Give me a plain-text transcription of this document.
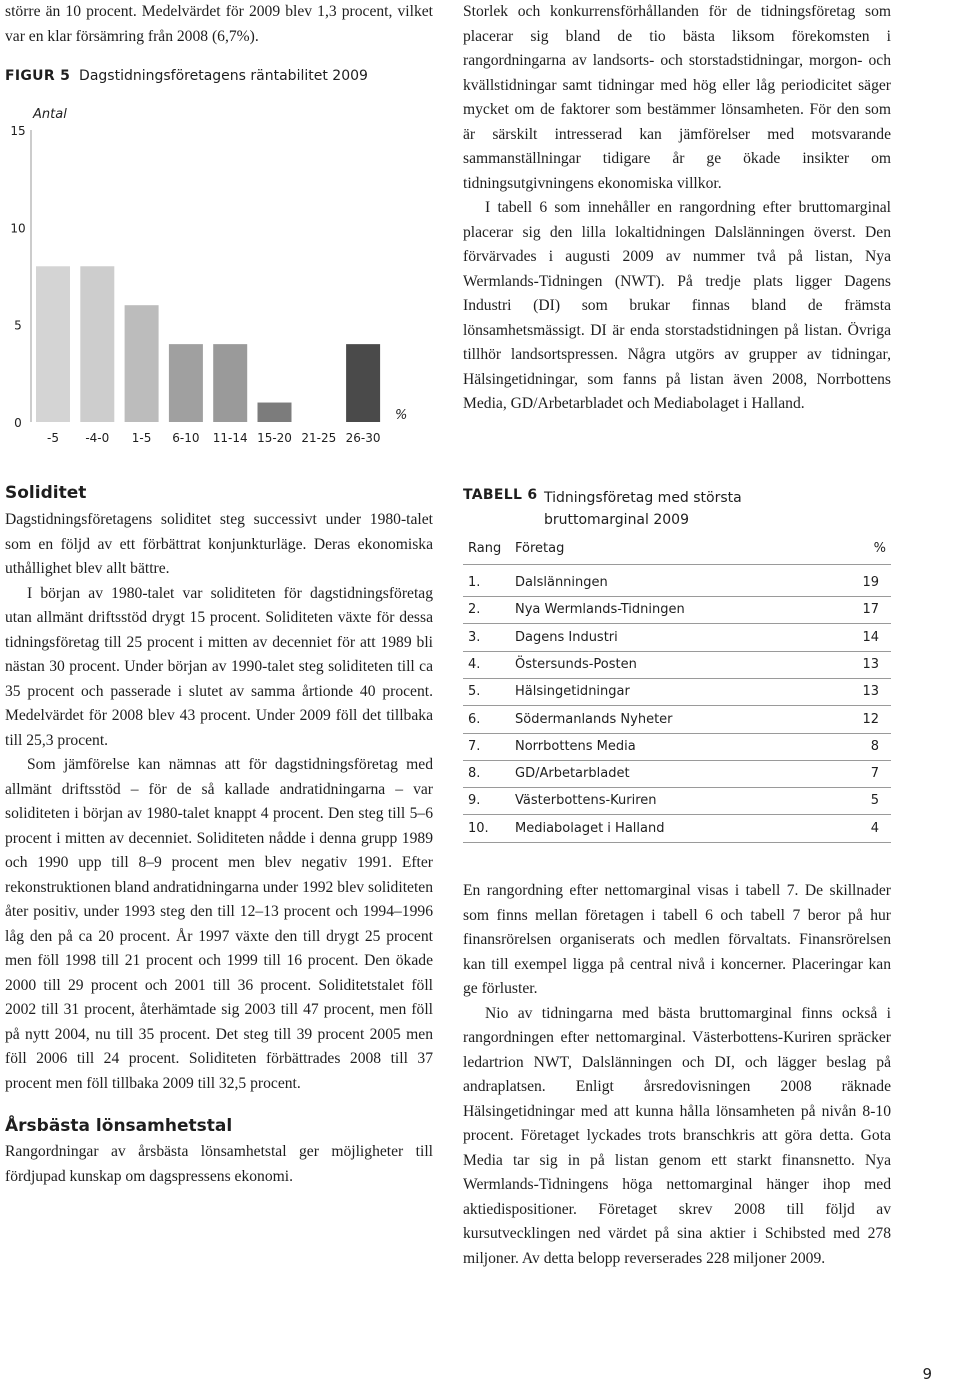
större än 10 procent. Medelvärdet för 2009 blev 1,3 procent, vilket var en klar försämring från 2008 (6,7%).

FIGUR 5 Dagstidningsföretagens räntabilitet 2009
0
5
10
15
Antal
-5 -4-0 1-5 6-10 11-14 15-20 21-25 26-30
%
Soliditet

Dagstidningsföretagens soliditet steg successivt under 1980-talet som en följd av ett förbättrat konjunkturläge. Deras ekonomiska uthållighet blev allt bättre.

I början av 1980-talet var soliditeten för dagstidningsföretag utan allmänt driftsstöd drygt 15 procent. Soliditeten växte för dessa tidningsföretag till 25 procent i mitten av decenniet för att 1989 bli nästan 30 procent. Under början av 1990-talet steg soliditeten till ca 35 procent och passerade i slutet av samma årtionde 40 procent. Medelvärdet för 2008 blev 43 procent. Under 2009 föll det tillbaka till 25,3 procent.

Som jämförelse kan nämnas att för dagstidningsföretag med allmänt driftsstöd – för de så kallade andratidningarna – var soliditeten i början av 1980-talet knappt 4 procent. Den steg till 5–6 procent i mitten av decenniet. Soliditeten nådde i denna grupp 1989 och 1990 upp till 8–9 procent men blev negativ 1991. Efter rekonstruktionen bland andratidningarna under 1992 blev soliditeten åter positiv, under 1993 steg den till 12–13 procent och 1994–1996 låg den på ca 20 procent. År 1997 växte den till drygt 25 procent men föll 1998 till 21 procent och 1999 till 16 procent. Den ökade 2000 till 29 procent och 2001 till 36 procent. Soliditetstalet föll 2002 till 31 procent, återhämtade sig 2003 till 47 procent, men föll på nytt 2004, nu till 35 procent. Det steg till 39 procent 2005 men föll 2006 till 24 procent. Soliditeten förbättrades 2008 till 37 procent men föll tillbaka 2009 till 32,5 procent.

Årsbästa lönsamhetstal

Rangordningar av årsbästa lönsamhetstal ger möjligheter till fördjupad kunskap om dagspressens ekonomi.

Storlek och konkurrensförhållanden för de tidningsföretag som placerar sig bland de tio bästa liksom förekomsten i rangordningarna av landsorts- och storstadstidningar, morgon- och kvällstidningar samt tidningar med hög eller låg periodicitet säger mycket om de faktorer som bestämmer lönsamheten. För den som är särskilt intresserad kan jämförelser med motsvarande sammanställningar tidigare år ge ökade insikter om tidningsutgivningens ekonomiska villkor.

I tabell 6 som innehåller en rangordning efter bruttomarginal placerar sig den lilla lokaltidningen Dalslänningen överst. Den förvärvades i augusti 2009 av nummer två på listan, Nya Wermlands-Tidningen (NWT). På tredje plats ligger Dagens Industri (DI) som brukar finnas bland de främsta lönsamhetsmässigt. DI är enda storstadstidningen på listan. Övriga tillhör landsortspressen. Några utgörs av grupper av tidningar, Hälsingetidningar, som fanns på listan även 2008, Norrbottens Media, GD/Arbetarbladet och Mediabolaget i Halland.

TABELL 6 Tidningsföretag med största
bruttomarginal 2009
Rang Företag	%
1.	Dalslänningen	19
2.	Nya Wermlands-Tidningen	17
3.	Dagens Industri	14
4.	Östersunds-Posten	13
5.	Hälsingetidningar	13
6.	Södermanlands Nyheter	12
7.	Norrbottens Media	8
8.	GD/Arbetarbladet	7
9.	Västerbottens-Kuriren	5
10. Mediabolaget i Halland	4

En rangordning efter nettomarginal visas i tabell 7. De skillnader som finns mellan företagen i tabell 6 och tabell 7 beror på hur finansrörelsen organiserats och medlen förvaltats. Finansrörelsen kan till exempel ligga på central nivå i koncerner. Placeringar kan ge förluster.

Nio av tidningarna med bästa bruttomarginal finns också i rangordningen efter nettomarginal. Västerbottens-Kuriren spräcker ledartrion NWT, Dalslänningen och DI, och lägger beslag på andraplatsen. Enligt årsredovisningen 2008 räknade Hälsingetidningar med att kunna hålla lönsamheten på nivån 8-10 procent. Företaget lyckades trots branschkris att göra detta. Gota Media tar sig in på listan genom ett starkt finansnetto. Nya Wermlands-Tidningens höga nettomarginal hänger ihop med aktiedispositioner. Företaget skrev 2008 till följd av kursutvecklingen ned värdet på sina aktier i Schibsted med 278 miljoner. Av detta belopp reverserades 228 miljoner 2009.

9
